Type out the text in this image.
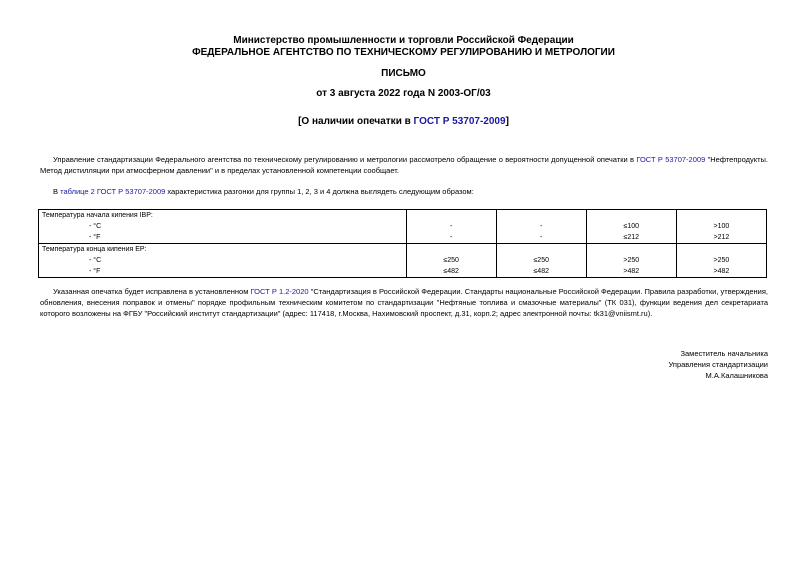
Министерство промышленности и торговли Российской Федерации
ФЕДЕРАЛЬНОЕ АГЕНТСТВО ПО ТЕХНИЧЕСКОМУ РЕГУЛИРОВАНИЮ И МЕТРОЛОГИИ
ПИСЬМО
от 3 августа 2022 года N 2003-ОГ/03
[О наличии опечатки в ГОСТ Р 53707-2009]
Управление стандартизации Федерального агентства по техническому регулированию и метрологии рассмотрело обращение о вероятности допущенной опечатки в ГОСТ Р 53707-2009 "Нефтепродукты. Метод дистилляции при атмосферном давлении" и в пределах установленной компетенции сообщает.
В таблице 2 ГОСТ Р 53707-2009 характеристика разгонки для группы 1, 2, 3 и 4 должна выглядеть следующим образом:
Температура начала кипения IBP:				
- °C	-	-	≤100	>100
- °F	-	-	≤212	>212
Температура конца кипения EP:				
- °C	≤250	≤250	>250	>250
- °F	≤482	≤482	>482	>482
Указанная опечатка будет исправлена в установленном ГОСТ Р 1.2-2020 "Стандартизация в Российской Федерации. Стандарты национальные Российской Федерации. Правила разработки, утверждения, обновления, внесения поправок и отмены" порядке профильным техническим комитетом по стандартизации "Нефтяные топлива и смазочные материалы" (ТК 031), функции ведения дел секретариата которого возложены на ФГБУ "Российский институт стандартизации" (адрес: 117418, г.Москва, Нахимовский проспект, д.31, корп.2; адрес электронной почты: tk31@vniismt.ru).
Заместитель начальника
Управления стандартизации
М.А.Калашникова
